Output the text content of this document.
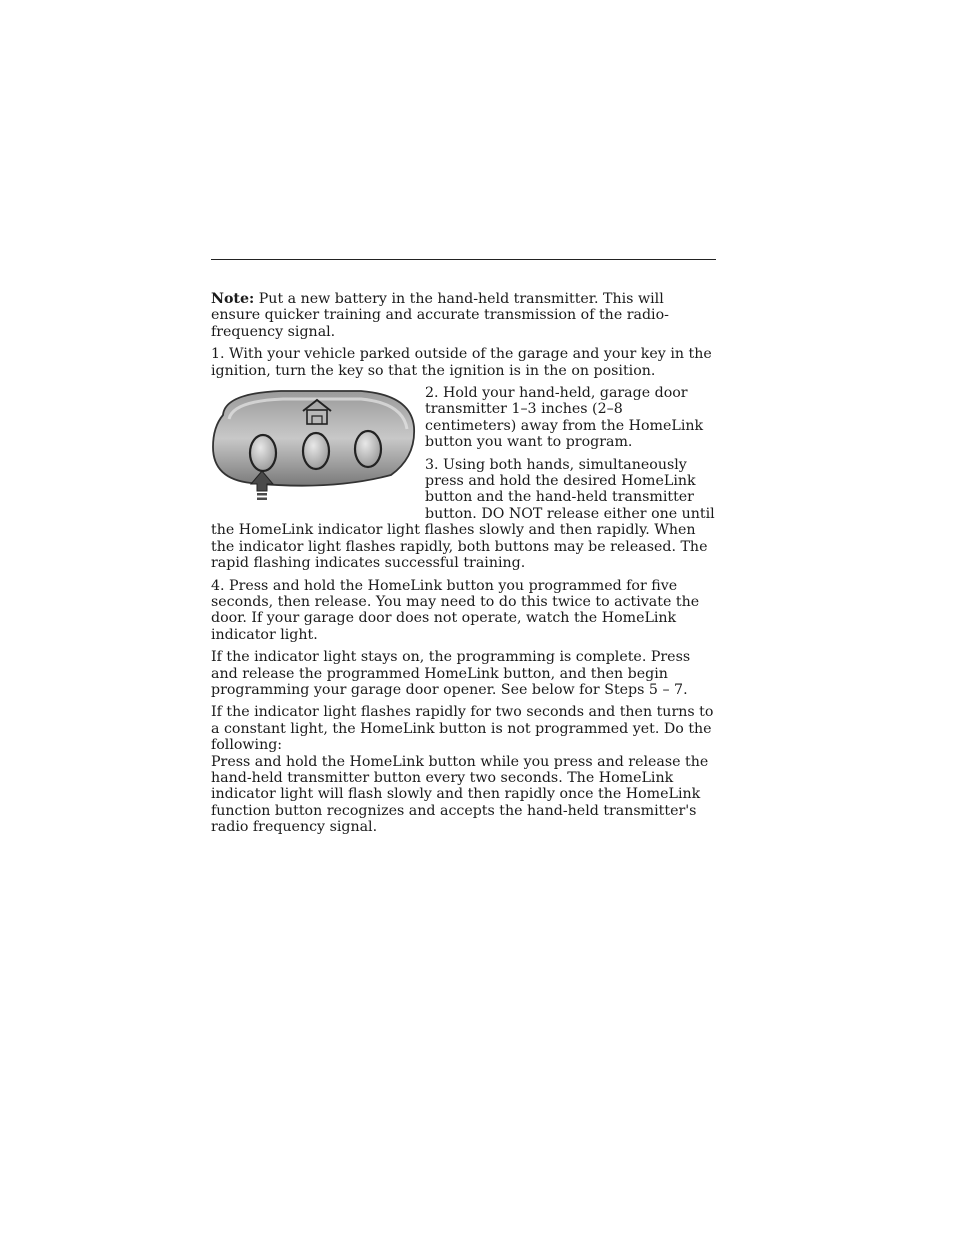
Note: Put a new battery in the hand-held transmitter. This will ensure quicker training and accurate transmission of the radio-frequency signal.

1. With your vehicle parked outside of the garage and your key in the ignition, turn the key so that the ignition is in the on position.

2. Hold your hand-held, garage door transmitter 1–3 inches (2–8 centimeters) away from the HomeLink button you want to program.

3. Using both hands, simultaneously press and hold the desired HomeLink button and the hand-held transmitter button. DO NOT release either one until the HomeLink indicator light flashes slowly and then rapidly. When the indicator light flashes rapidly, both buttons may be released. The rapid flashing indicates successful training.

4. Press and hold the HomeLink button you programmed for five seconds, then release. You may need to do this twice to activate the door. If your garage door does not operate, watch the HomeLink indicator light.

If the indicator light stays on, the programming is complete. Press and release the programmed HomeLink button, and then begin programming your garage door opener. See below for Steps 5 – 7.

If the indicator light flashes rapidly for two seconds and then turns to a constant light, the HomeLink button is not programmed yet. Do the following:

Press and hold the HomeLink button while you press and release the hand-held transmitter button every two seconds. The HomeLink indicator light will flash slowly and then rapidly once the HomeLink function button recognizes and accepts the hand-held transmitter's radio frequency signal.
